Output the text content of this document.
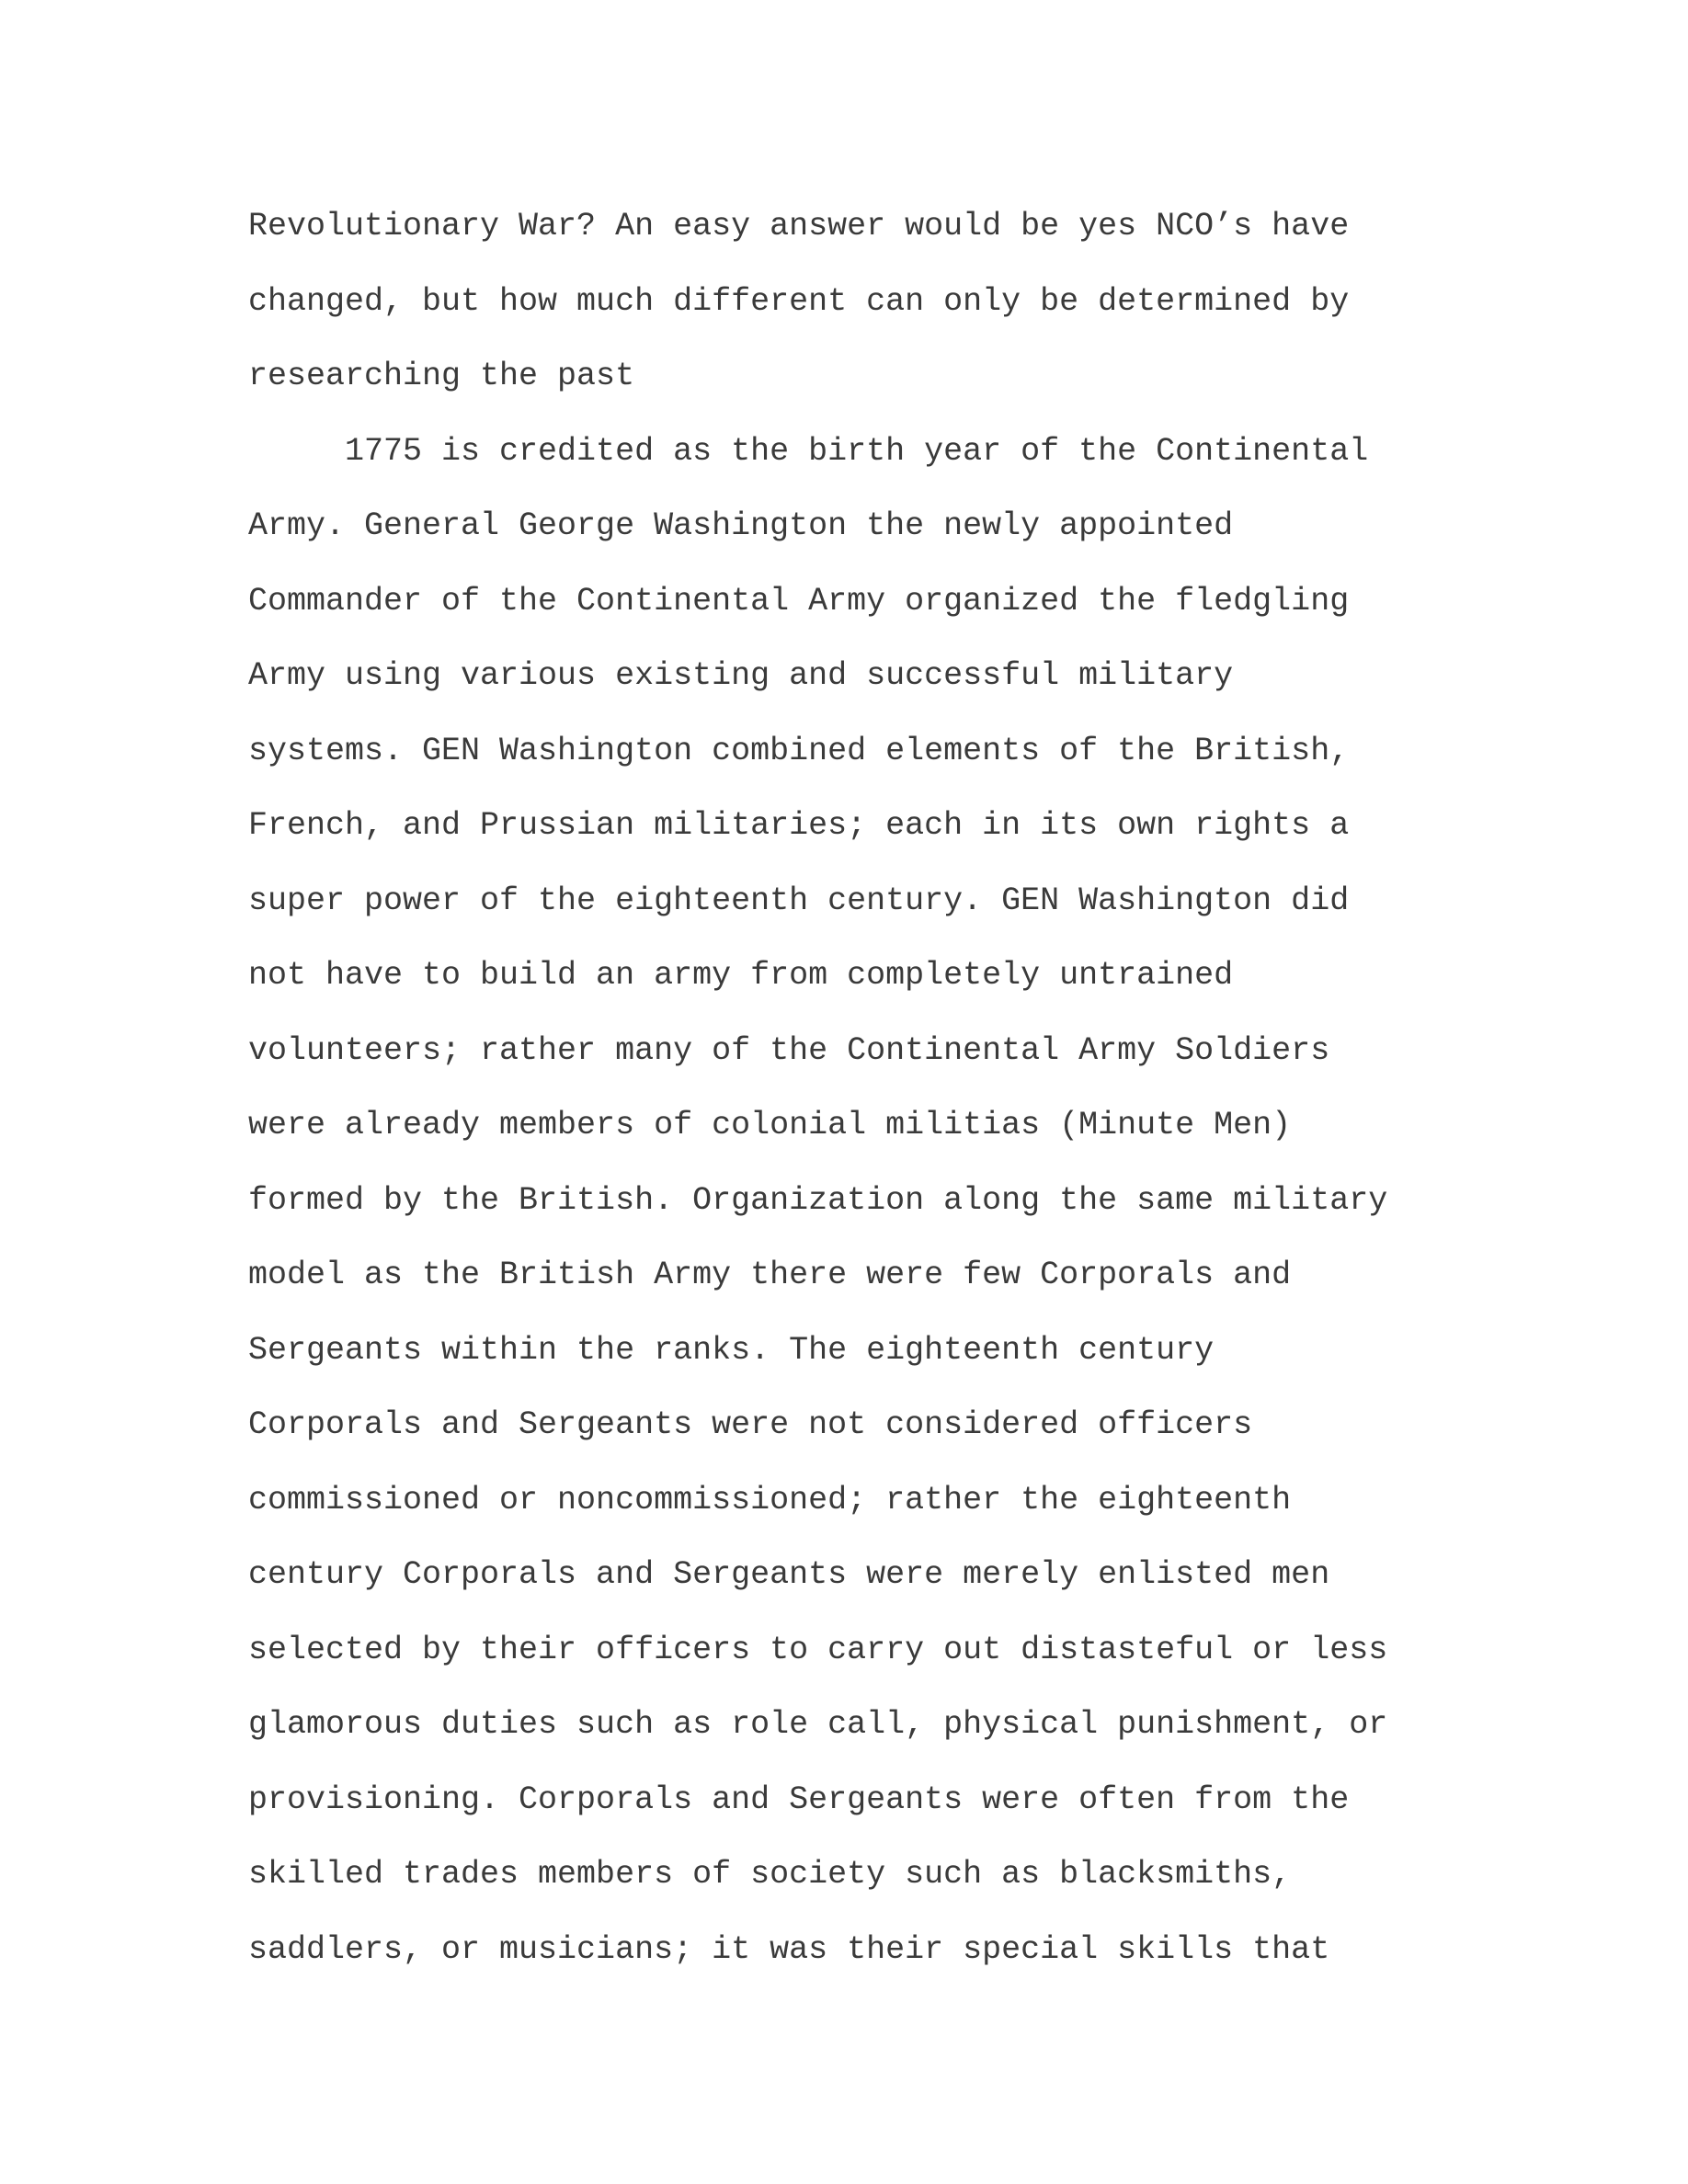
Revolutionary War? An easy answer would be yes NCO’s have
changed, but how much different can only be determined by
researching the past
1775 is credited as the birth year of the Continental
Army. General George Washington the newly appointed
Commander of the Continental Army organized the fledgling
Army using various existing and successful military
systems. GEN Washington combined elements of the British,
French, and Prussian militaries; each in its own rights a
super power of the eighteenth century. GEN Washington did
not have to build an army from completely untrained
volunteers; rather many of the Continental Army Soldiers
were already members of colonial militias (Minute Men)
formed by the British. Organization along the same military
model as the British Army there were few Corporals and
Sergeants within the ranks. The eighteenth century
Corporals and Sergeants were not considered officers
commissioned or noncommissioned; rather the eighteenth
century Corporals and Sergeants were merely enlisted men
selected by their officers to carry out distasteful or less
glamorous duties such as role call, physical punishment, or
provisioning. Corporals and Sergeants were often from the
skilled trades members of society such as blacksmiths,
saddlers, or musicians; it was their special skills that
